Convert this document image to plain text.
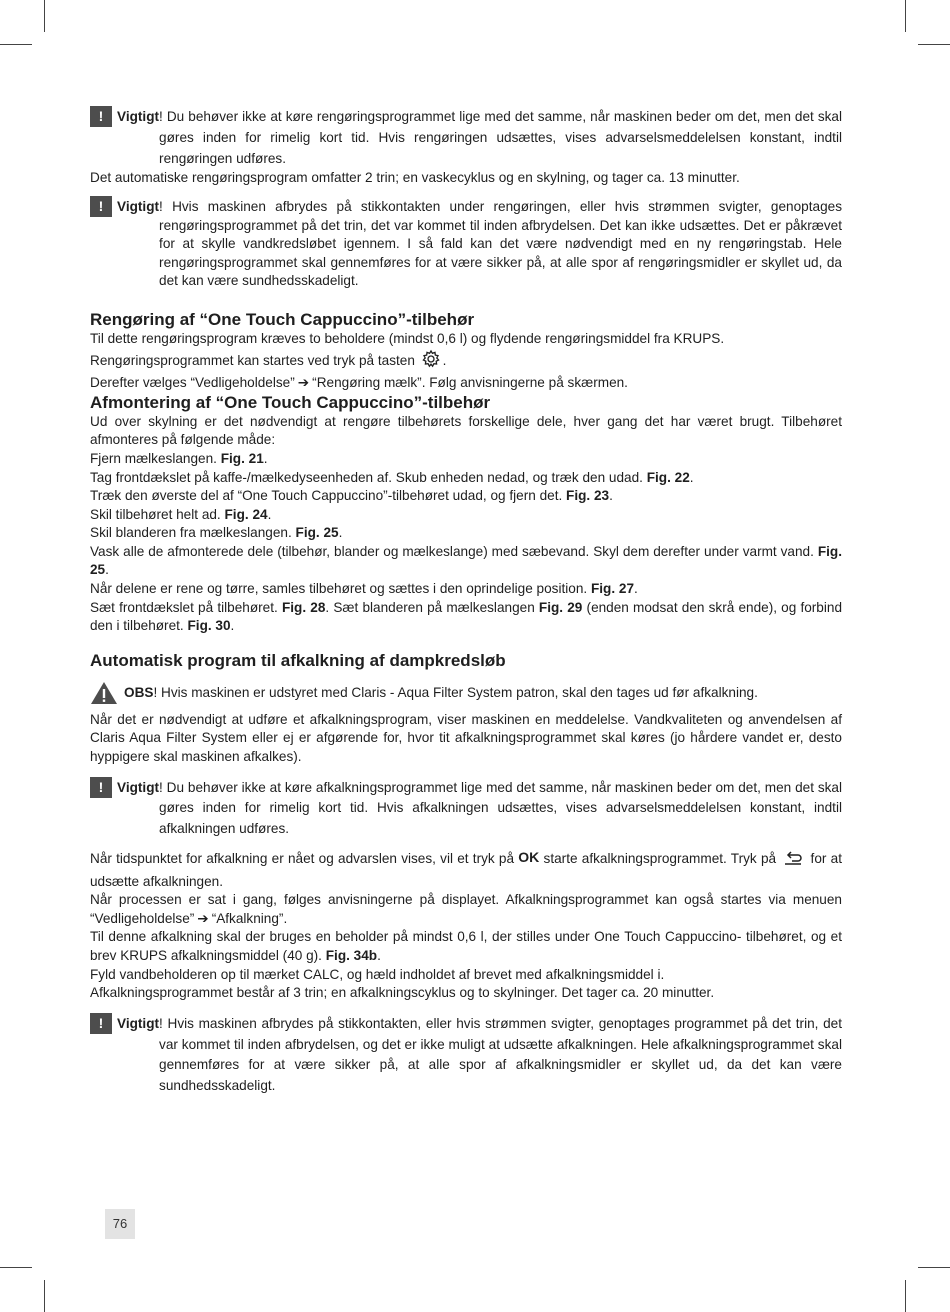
!	Vigtigt ! Du behøver ikke at køre rengøringsprogrammet lige med det samme, når maskinen beder om det, men det skal gøres inden for rimelig kort tid. Hvis rengøringen udsættes, vises advarselsmeddelelsen konstant, indtil rengøringen udføres.

Det automatiske rengøringsprogram omfatter 2 trin; en vaskecyklus og en skylning, og tager ca. 13 minutter.

!	Vigtigt ! Hvis maskinen afbrydes på stikkontakten under rengøringen, eller hvis strømmen svigter, genoptages rengøringsprogrammet på det trin, det var kommet til inden afbrydelsen. Det kan ikke udsættes. Det er påkrævet for at skylle vandkredsløbet igennem. I så fald kan det være nødvendigt med en ny rengøringstab. Hele rengøringsprogrammet skal gennemføres for at være sikker på, at alle spor af rengøringsmidler er skyllet ud, da det kan være sundhedsskadeligt.
Rengøring af “One Touch Cappuccino”-tilbehør

Til dette rengøringsprogram kræves to beholdere (mindst 0,6 l) og flydende rengøringsmiddel fra KRUPS.

Rengøringsprogrammet kan startes ved tryk på tasten .

Derefter vælges “Vedligeholdelse” ➔ “Rengøring mælk”. Følg anvisningerne på skærmen.

Afmontering af “One Touch Cappuccino”-tilbehør

Ud over skylning er det nødvendigt at rengøre tilbehørets forskellige dele, hver gang det har været brugt. Tilbehøret afmonteres på følgende måde:

Fjern mælkeslangen. Fig. 21.

Tag frontdækslet på kaffe-/mælkedyseenheden af. Skub enheden nedad, og træk den udad. Fig. 22.

Træk den øverste del af “One Touch Cappuccino”-tilbehøret udad, og fjern det. Fig. 23.

Skil tilbehøret helt ad. Fig. 24.

Skil blanderen fra mælkeslangen. Fig. 25.

Vask alle de afmonterede dele (tilbehør, blander og mælkeslange) med sæbevand. Skyl dem derefter under varmt vand. Fig. 25.

Når delene er rene og tørre, samles tilbehøret og sættes i den oprindelige position. Fig. 27.

Sæt frontdækslet på tilbehøret. Fig. 28. Sæt blanderen på mælkeslangen Fig. 29 (enden modsat den skrå ende), og forbind den i tilbehøret. Fig. 30.

Automatisk program til afkalkning af dampkredsløb
OBS! Hvis maskinen er udstyret med Claris - Aqua Filter System patron, skal den tages ud før afkalkning.

Når det er nødvendigt at udføre et afkalkningsprogram, viser maskinen en meddelelse. Vandkvaliteten og anvendelsen af Claris Aqua Filter System eller ej er afgørende for, hvor tit afkalkningsprogrammet skal køres (jo hårdere vandet er, desto hyppigere skal maskinen afkalkes).

!	Vigtigt ! Du behøver ikke at køre afkalkningsprogrammet lige med det samme, når maskinen beder om det, men det skal gøres inden for rimelig kort tid. Hvis afkalkningen udsættes, vises advarselsmeddelelsen konstant, indtil afkalkningen udføres.

Når tidspunktet for afkalkning er nået og advarslen vises, vil et tryk på OK starte afkalkningsprogrammet. Tryk på  for at udsætte afkalkningen.

Når processen er sat i gang, følges anvisningerne på displayet. Afkalkningsprogrammet kan også startes via menuen “Vedligeholdelse” ➔ “Afkalkning”.

Til denne afkalkning skal der bruges en beholder på mindst 0,6 l, der stilles under One Touch Cappuccino- tilbehøret, og et brev KRUPS afkalkningsmiddel (40 g). Fig. 34b.

Fyld vandbeholderen op til mærket CALC, og hæld indholdet af brevet med afkalkningsmiddel i.

Afkalkningsprogrammet består af 3 trin; en afkalkningscyklus og to skylninger. Det tager ca. 20 minutter.

!	Vigtigt ! Hvis maskinen afbrydes på stikkontakten, eller hvis strømmen svigter, genoptages programmet på det trin, det var kommet til inden afbrydelsen, og det er ikke muligt at udsætte afkalkningen. Hele afkalkningsprogrammet skal gennemføres for at være sikker på, at alle spor af afkalkningsmidler er skyllet ud, da det kan være sundhedsskadeligt.
76
